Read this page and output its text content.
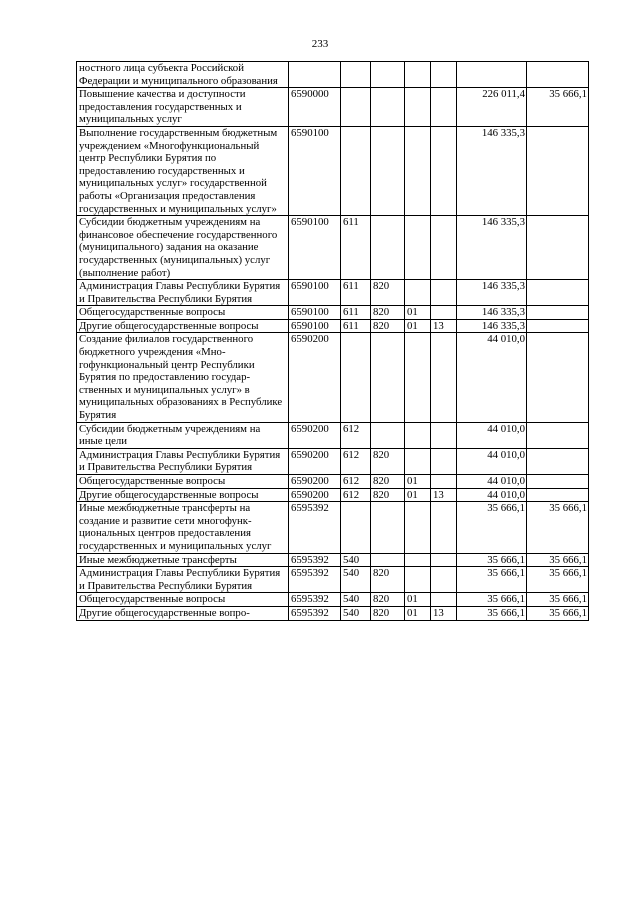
233
ностного лица субъекта Российской Федерации и муниципального образования							
Повышение качества и доступности предоставления государственных и муниципальных услуг	6590000					226 011,4	35 666,1
Выполнение государственным бюджетным учреждением «Многофункциональный центр Республики Бурятия по предоставлению государственных и муниципальных услуг» государственной работы «Организация предоставления государственных и муниципальных услуг»	6590100					146 335,3	
Субсидии бюджетным учреждениям на финансовое обеспечение государственного (муниципального) задания на оказание государственных (муниципальных) услуг (выполнение работ)	6590100	611				146 335,3	
Администрация Главы Республики Бурятия и Правительства Республики Бурятия	6590100	611	820			146 335,3	
Общегосударственные вопросы	6590100	611	820	01		146 335,3	
Другие общегосударственные вопросы	6590100	611	820	01	13	146 335,3	
Создание филиалов государственного бюджетного учреждения «Многофункциональный центр Республики Бурятия по предоставлению государственных и муниципальных услуг» в муниципальных образованиях в Республике Бурятия	6590200					44 010,0	
Субсидии бюджетным учреждениям на иные цели	6590200	612				44 010,0	
Администрация Главы Республики Бурятия и Правительства Республики Бурятия	6590200	612	820			44 010,0	
Общегосударственные вопросы	6590200	612	820	01		44 010,0	
Другие общегосударственные вопросы	6590200	612	820	01	13	44 010,0	
Иные межбюджетные трансферты на создание и развитие сети многофункциональных центров предоставления государственных и муниципальных услуг	6595392					35 666,1	35 666,1
Иные межбюджетные трансферты	6595392	540				35 666,1	35 666,1
Администрация Главы Республики Бурятия и Правительства Республики Бурятия	6595392	540	820			35 666,1	35 666,1
Общегосударственные вопросы	6595392	540	820	01		35 666,1	35 666,1
Другие общегосударственные вопро-	6595392	540	820	01	13	35 666,1	35 666,1
